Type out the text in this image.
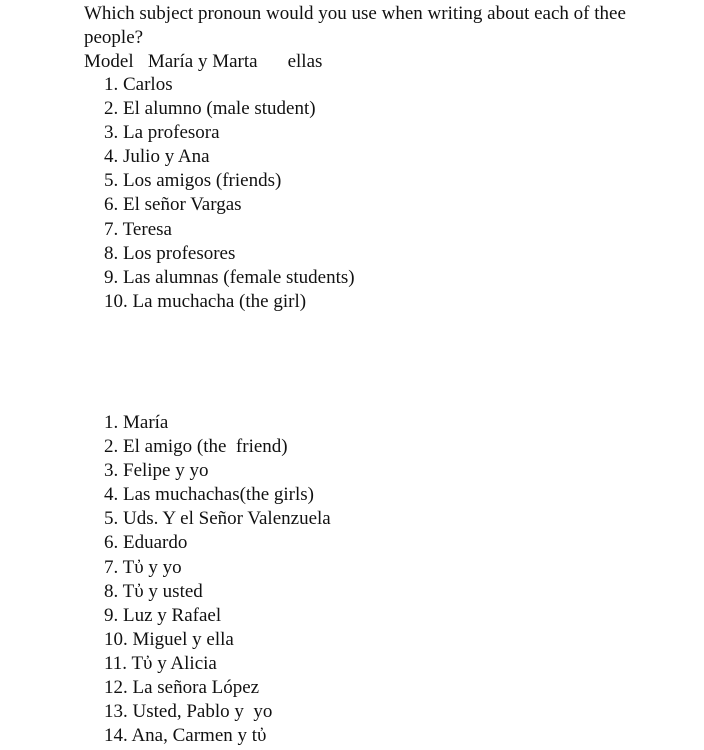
Which subject pronoun would you use when writing about each of thee people?

Model María y Marta ellas
1. Carlos
2. El alumno (male student)
3. La profesora
4. Julio y Ana
5. Los amigos (friends)
6. El señor Vargas
7. Teresa
8. Los profesores
9. Las alumnas (female students)
10. La muchacha (the girl)
1. María
2. El amigo (the  friend)
3. Felipe y yo
4. Las muchachas(the girls)
5. Uds. Y el Señor Valenzuela
6. Eduardo
7. Tὐ y yo
8. Tὐ y usted
9. Luz y Rafael
10. Miguel y ella
11. Tὐ y Alicia
12. La señora López
13. Usted, Pablo y  yo
14. Ana, Carmen y tὐ
